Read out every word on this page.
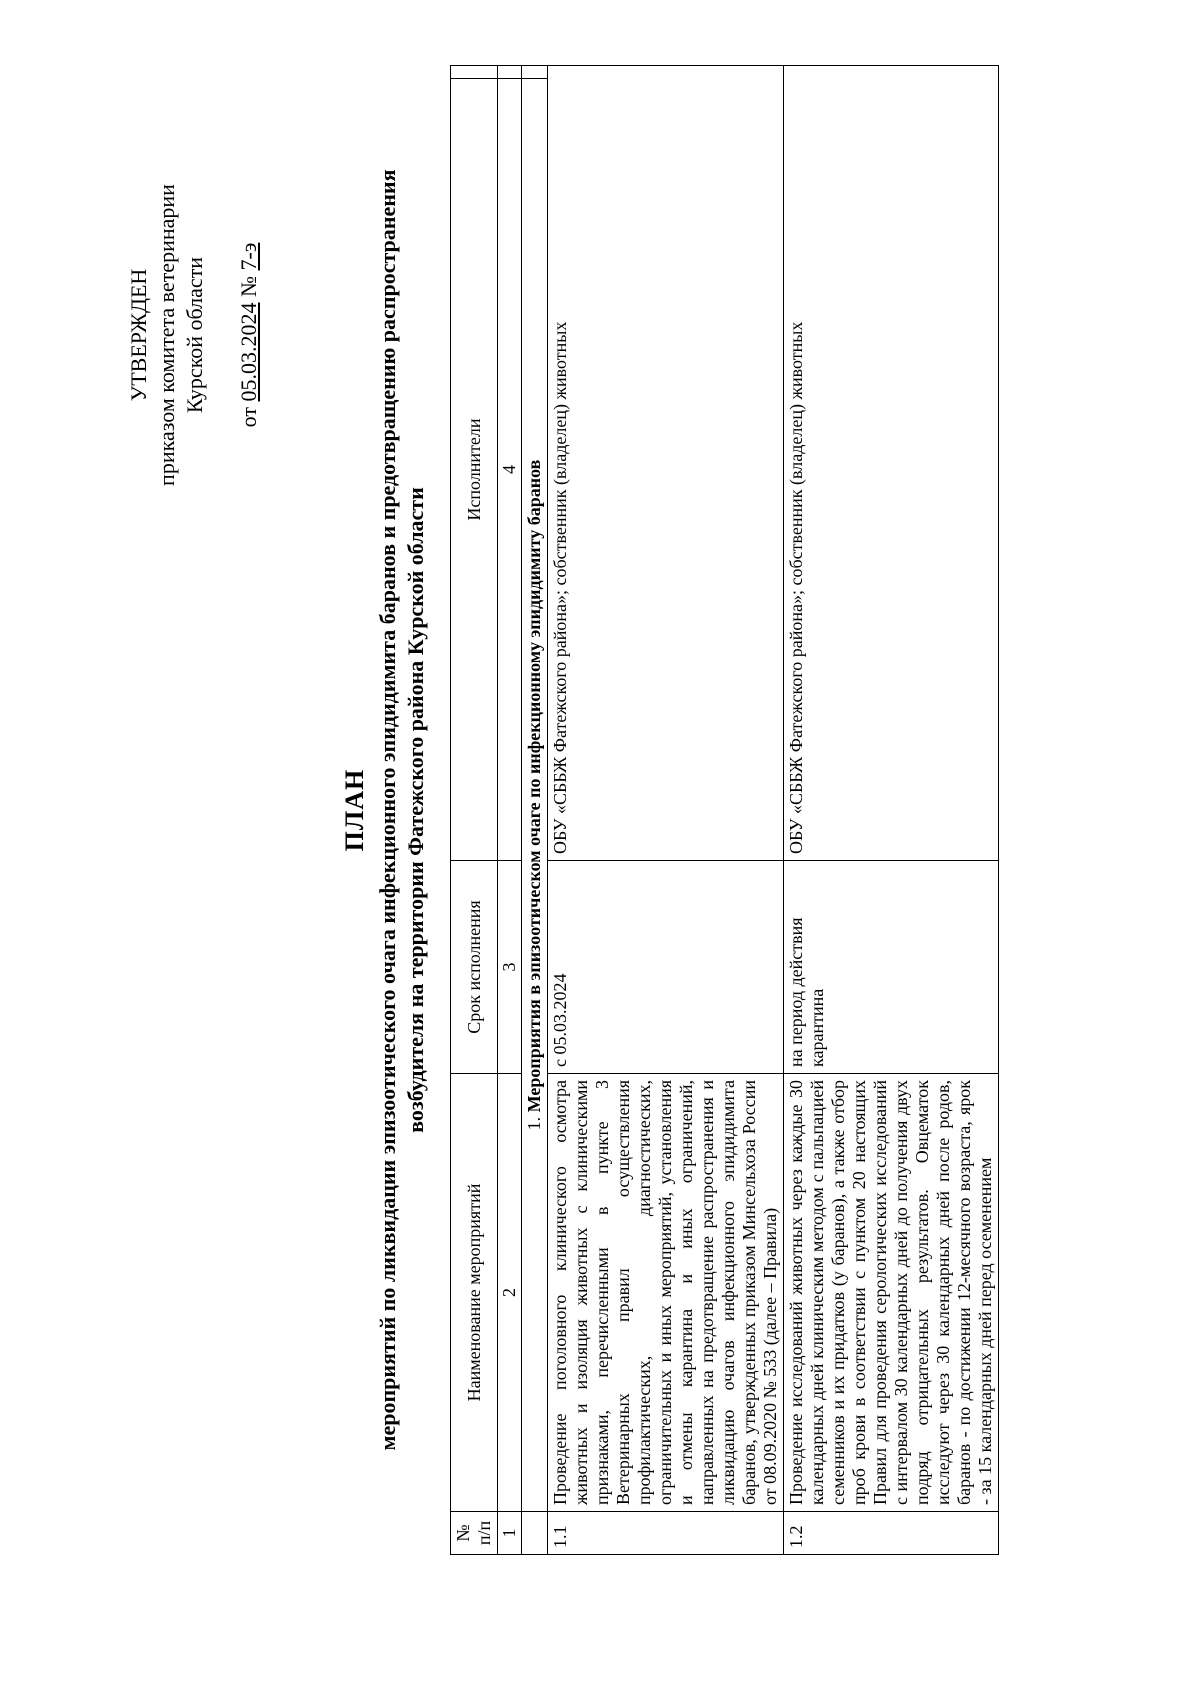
УТВЕРЖДЕН приказом комитета ветеринарии Курской области
от 05.03.2024 № 7-э
ПЛАН мероприятий по ликвидации эпизоотического очага инфекционного эпидидимита баранов и предотвращению распространения возбудителя на территории Фатежского района Курской области
№ п/п	Наименование мероприятий	Срок исполнения	Исполнители	
1	2	3	4	
	1. Мероприятия в эпизоотическом очаге по инфекционному эпидидимиту баранов			
1.1	Проведение поголовного клинического осмотра животных и изоляция животных с клиническими признаками, перечисленными в пункте 3 Ветеринарных правил осуществления профилактических, диагностических, ограничительных и иных мероприятий, установления и отмены карантина и иных ограничений, направленных на предотвращение распространения и ликвидацию очагов инфекционного эпидидимита баранов, утвержденных приказом Минсельхоза России от 08.09.2020 № 533 (далее – Правила)	с 05.03.2024	ОБУ «СББЖ Фатежского района»; собственник (владелец) животных	
1.2	Проведение исследований животных через каждые 30 календарных дней клиническим методом с пальпацией семенников и их придатков (у баранов), а также отбор проб крови в соответствии с пунктом 20 настоящих Правил для проведения серологических исследований с интервалом 30 календарных дней до получения двух подряд отрицательных результатов. Овцематок исследуют через 30 календарных дней после родов, баранов - по достижении 12-месячного возраста, ярок - за 15 календарных дней перед осеменением	на период действия карантина	ОБУ «СББЖ Фатежского района»; собственник (владелец) животных	
